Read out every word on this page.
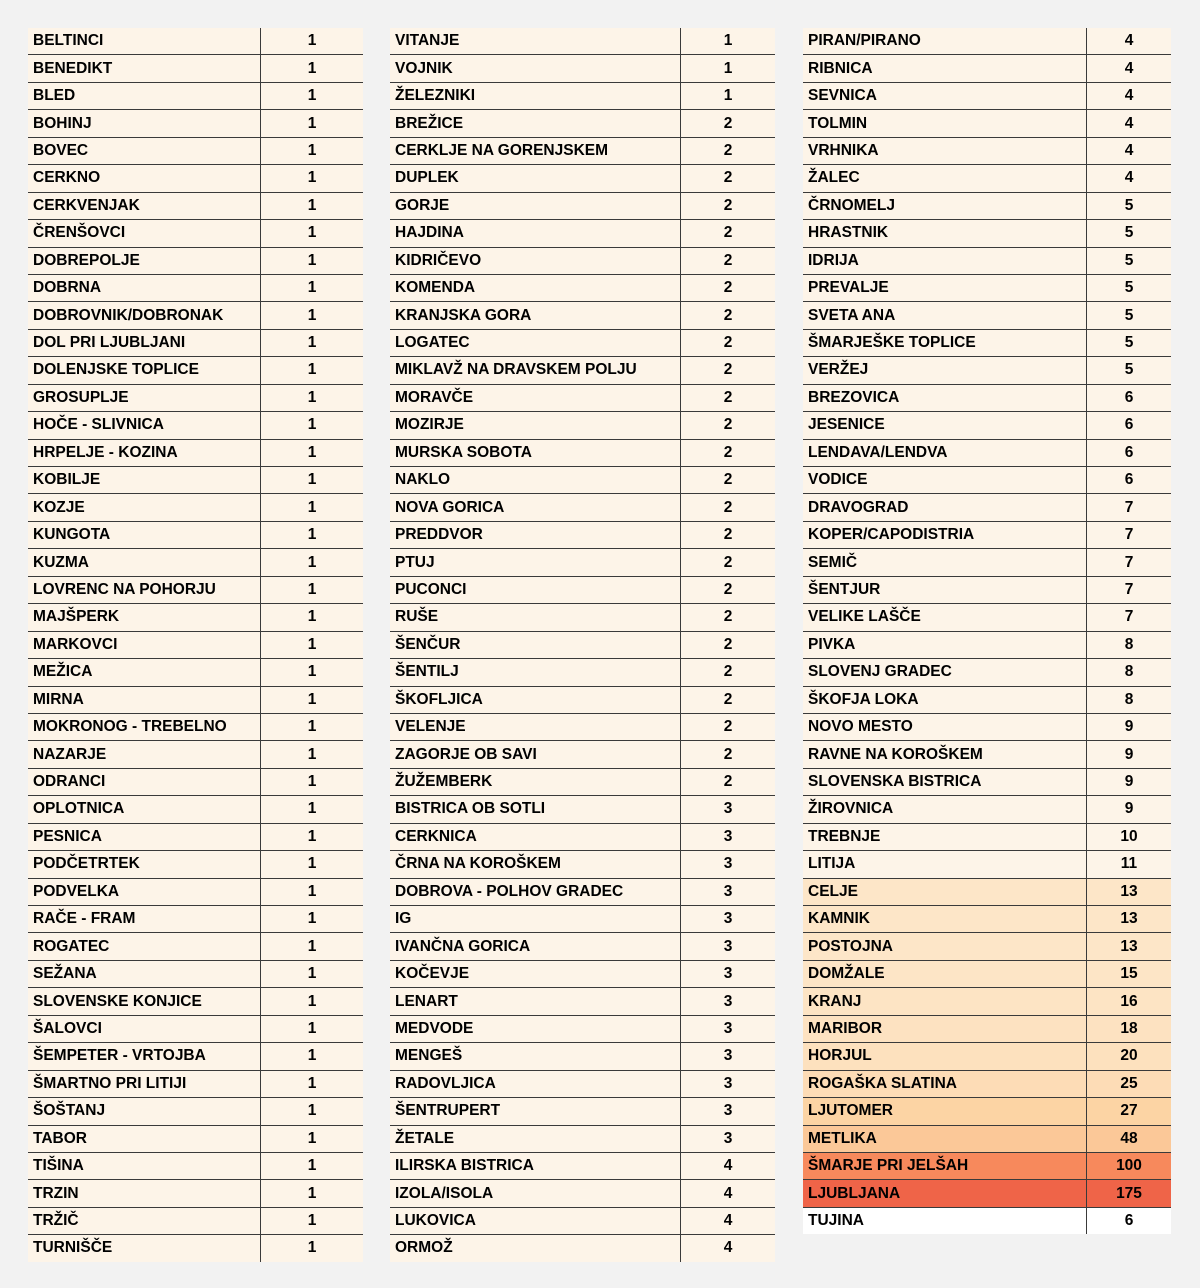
BELTINCI	1
BENEDIKT	1
BLED	1
BOHINJ	1
BOVEC	1
CERKNO	1
CERKVENJAK	1
ČRENŠOVCI	1
DOBREPOLJE	1
DOBRNA	1
DOBROVNIK/DOBRONAK	1
DOL PRI LJUBLJANI	1
DOLENJSKE TOPLICE	1
GROSUPLJE	1
HOČE - SLIVNICA	1
HRPELJE - KOZINA	1
KOBILJE	1
KOZJE	1
KUNGOTA	1
KUZMA	1
LOVRENC NA POHORJU	1
MAJŠPERK	1
MARKOVCI	1
MEŽICA	1
MIRNA	1
MOKRONOG - TREBELNO	1
NAZARJE	1
ODRANCI	1
OPLOTNICA	1
PESNICA	1
PODČETRTEK	1
PODVELKA	1
RAČE - FRAM	1
ROGATEC	1
SEŽANA	1
SLOVENSKE KONJICE	1
ŠALOVCI	1
ŠEMPETER - VRTOJBA	1
ŠMARTNO PRI LITIJI	1
ŠOŠTANJ	1
TABOR	1
TIŠINA	1
TRZIN	1
TRŽIČ	1
TURNIŠČE	1
VITANJE	1
VOJNIK	1
ŽELEZNIKI	1
BREŽICE	2
CERKLJE NA GORENJSKEM	2
DUPLEK	2
GORJE	2
HAJDINA	2
KIDRIČEVO	2
KOMENDA	2
KRANJSKA GORA	2
LOGATEC	2
MIKLAVŽ NA DRAVSKEM POLJU	2
MORAVČE	2
MOZIRJE	2
MURSKA SOBOTA	2
NAKLO	2
NOVA GORICA	2
PREDDVOR	2
PTUJ	2
PUCONCI	2
RUŠE	2
ŠENČUR	2
ŠENTILJ	2
ŠKOFLJICA	2
VELENJE	2
ZAGORJE OB SAVI	2
ŽUŽEMBERK	2
BISTRICA OB SOTLI	3
CERKNICA	3
ČRNA NA KOROŠKEM	3
DOBROVA - POLHOV GRADEC	3
IG	3
IVANČNA GORICA	3
KOČEVJE	3
LENART	3
MEDVODE	3
MENGEŠ	3
RADOVLJICA	3
ŠENTRUPERT	3
ŽETALE	3
ILIRSKA BISTRICA	4
IZOLA/ISOLA	4
LUKOVICA	4
ORMOŽ	4
PIRAN/PIRANO	4
RIBNICA	4
SEVNICA	4
TOLMIN	4
VRHNIKA	4
ŽALEC	4
ČRNOMELJ	5
HRASTNIK	5
IDRIJA	5
PREVALJE	5
SVETA ANA	5
ŠMARJEŠKE TOPLICE	5
VERŽEJ	5
BREZOVICA	6
JESENICE	6
LENDAVA/LENDVA	6
VODICE	6
DRAVOGRAD	7
KOPER/CAPODISTRIA	7
SEMIČ	7
ŠENTJUR	7
VELIKE LAŠČE	7
PIVKA	8
SLOVENJ GRADEC	8
ŠKOFJA LOKA	8
NOVO MESTO	9
RAVNE NA KOROŠKEM	9
SLOVENSKA BISTRICA	9
ŽIROVNICA	9
TREBNJE	10
LITIJA	11
CELJE	13
KAMNIK	13
POSTOJNA	13
DOMŽALE	15
KRANJ	16
MARIBOR	18
HORJUL	20
ROGAŠKA SLATINA	25
LJUTOMER	27
METLIKA	48
ŠMARJE PRI JELŠAH	100
LJUBLJANA	175
TUJINA	6
